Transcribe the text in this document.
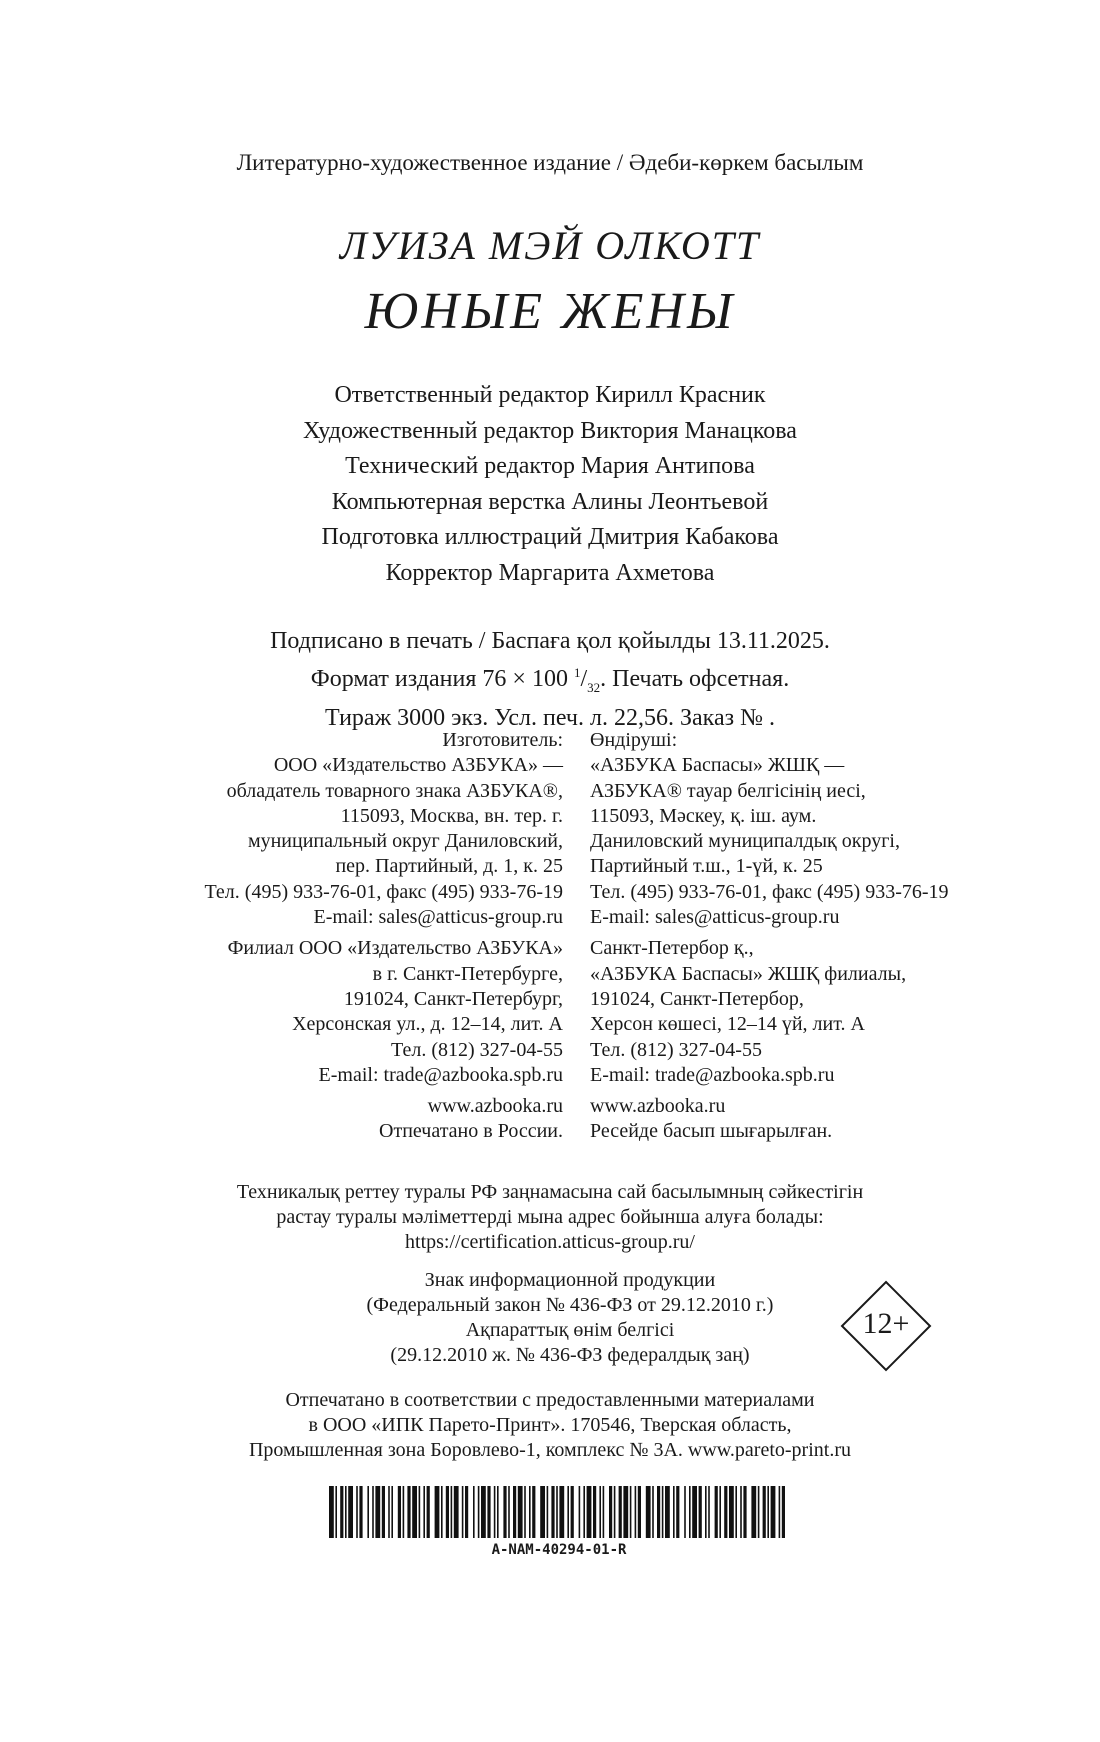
Литературно-художественное издание / Әдеби-көркем басылым
ЛУИЗА МЭЙ ОЛКОТТ
ЮНЫЕ ЖЕНЫ
Ответственный редактор Кирилл Красник
Художественный редактор Виктория Манацкова
Технический редактор Мария Антипова
Компьютерная верстка Алины Леонтьевой
Подготовка иллюстраций Дмитрия Кабакова
Корректор Маргарита Ахметова
Подписано в печать / Баспаға қол қойылды 13.11.2025.
Формат издания 76 × 100 $^1/_{32}$. Печать офсетная.
Тираж 3000 экз. Усл. печ. л. 22,56. Заказ № .
Изготовитель:
ООО «Издательство АЗБУКА» —
обладатель товарного знака АЗБУКА®,
115093, Москва, вн. тер. г.
муниципальный округ Даниловский,
пер. Партийный, д. 1, к. 25
Тел. (495) 933-76-01, факс (495) 933-76-19
E-mail: sales@atticus-group.ru
Филиал ООО «Издательство АЗБУКА»
в г. Санкт-Петербурге,
191024, Санкт-Петербург,
Херсонская ул., д. 12–14, лит. А
Тел. (812) 327-04-55
E-mail: trade@azbooka.spb.ru
www.azbooka.ru
Отпечатано в России.
Өндіруші:
«АЗБУКА Баспасы» ЖШҚ —
АЗБУКА® тауар белгісінің иесі,
115093, Мәскеу, қ. іш. аум.
Даниловский муниципалдық округі,
Партийный т.ш., 1-үй, к. 25
Тел. (495) 933-76-01, факс (495) 933-76-19
E-mail: sales@atticus-group.ru
Санкт-Петербор қ.,
«АЗБУКА Баспасы» ЖШҚ филиалы,
191024, Санкт-Петербор,
Херсон көшесі, 12–14 үй, лит. А
Тел. (812) 327-04-55
E-mail: trade@azbooka.spb.ru
www.azbooka.ru
Ресейде басып шығарылған.
Техникалық реттеу туралы РФ заңнамасына сай басылымның сәйкестігін
растау туралы мәліметтерді мына адрес бойынша алуға болады:
https://certification.atticus-group.ru/
Знак информационной продукции
(Федеральный закон № 436-ФЗ от 29.12.2010 г.)
Ақпараттық өнім белгісі
(29.12.2010 ж. № 436-ФЗ федералдық заң)
12+
Отпечатано в соответствии с предоставленными материалами
в ООО «ИПК Парето-Принт». 170546, Тверская область,
Промышленная зона Боровлево-1, комплекс № 3А. www.pareto-print.ru
A-NAM-40294-01-R
